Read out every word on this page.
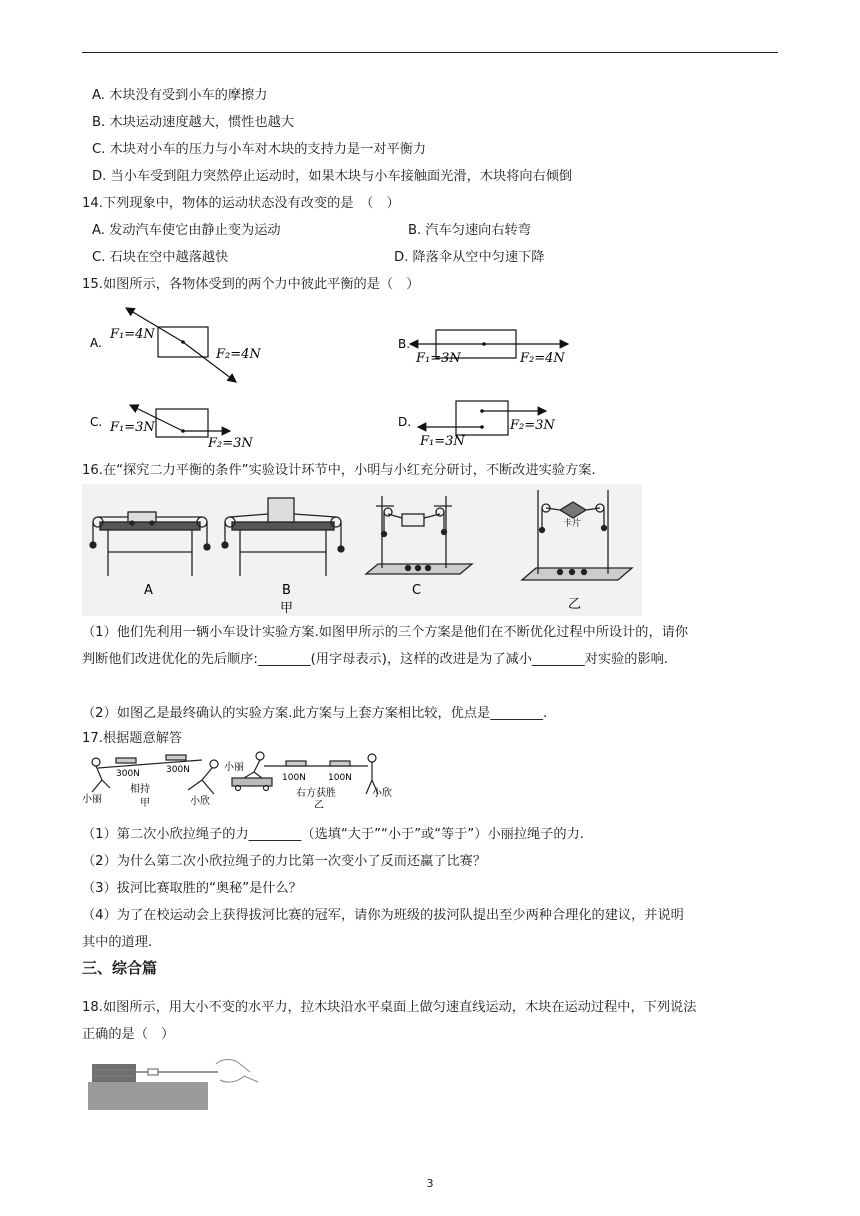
A. 木块没有受到小车的摩擦力
B. 木块运动速度越大，惯性也越大
C. 木块对小车的压力与小车对木块的支持力是一对平衡力
D. 当小车受到阻力突然停止运动时，如果木块与小车接触面光滑，木块将向右倾倒
14.下列现象中，物体的运动状态没有改变的是　（　）
A. 发动汽车使它由静止变为运动	B. 汽车匀速向右转弯
C. 石块在空中越落越快	D. 降落伞从空中匀速下降
15.如图所示，各物体受到的两个力中彼此平衡的是（　）
A.
F₁=4N
F₂=4N
B.
F₁=3N	F₂=4N
C. F₁=3N
F₂=3N
D.
F₁=3N
F₂=3N
16.在“探究二力平衡的条件”实验设计环节中，小明与小红充分研讨，不断改进实验方案.
卡片
A	B	C
甲	乙
（1）他们先利用一辆小车设计实验方案.如图甲所示的三个方案是他们在不断优化过程中所设计的，请你
判断他们改进优化的先后顺序:________(用字母表示)，这样的改进是为了减小________对实验的影响.
（2）如图乙是最终确认的实验方案.此方案与上套方案相比较，优点是________.
17.根据题意解答
300N	300N
小丽
相持
甲	小欣
小丽
100N 100N
右方获胜
乙
小欣
（1）第二次小欣拉绳子的力________（选填“大于”“小于”或“等于”）小丽拉绳子的力.
（2）为什么第二次小欣拉绳子的力比第一次变小了反而还赢了比赛？
（3）拔河比赛取胜的“奥秘”是什么？
（4）为了在校运动会上获得拔河比赛的冠军，请你为班级的拔河队提出至少两种合理化的建议，并说明
其中的道理.
三、综合篇
18.如图所示，用大小不变的水平力，拉木块沿水平桌面上做匀速直线运动，木块在运动过程中，下列说法
正确的是（　）
3
